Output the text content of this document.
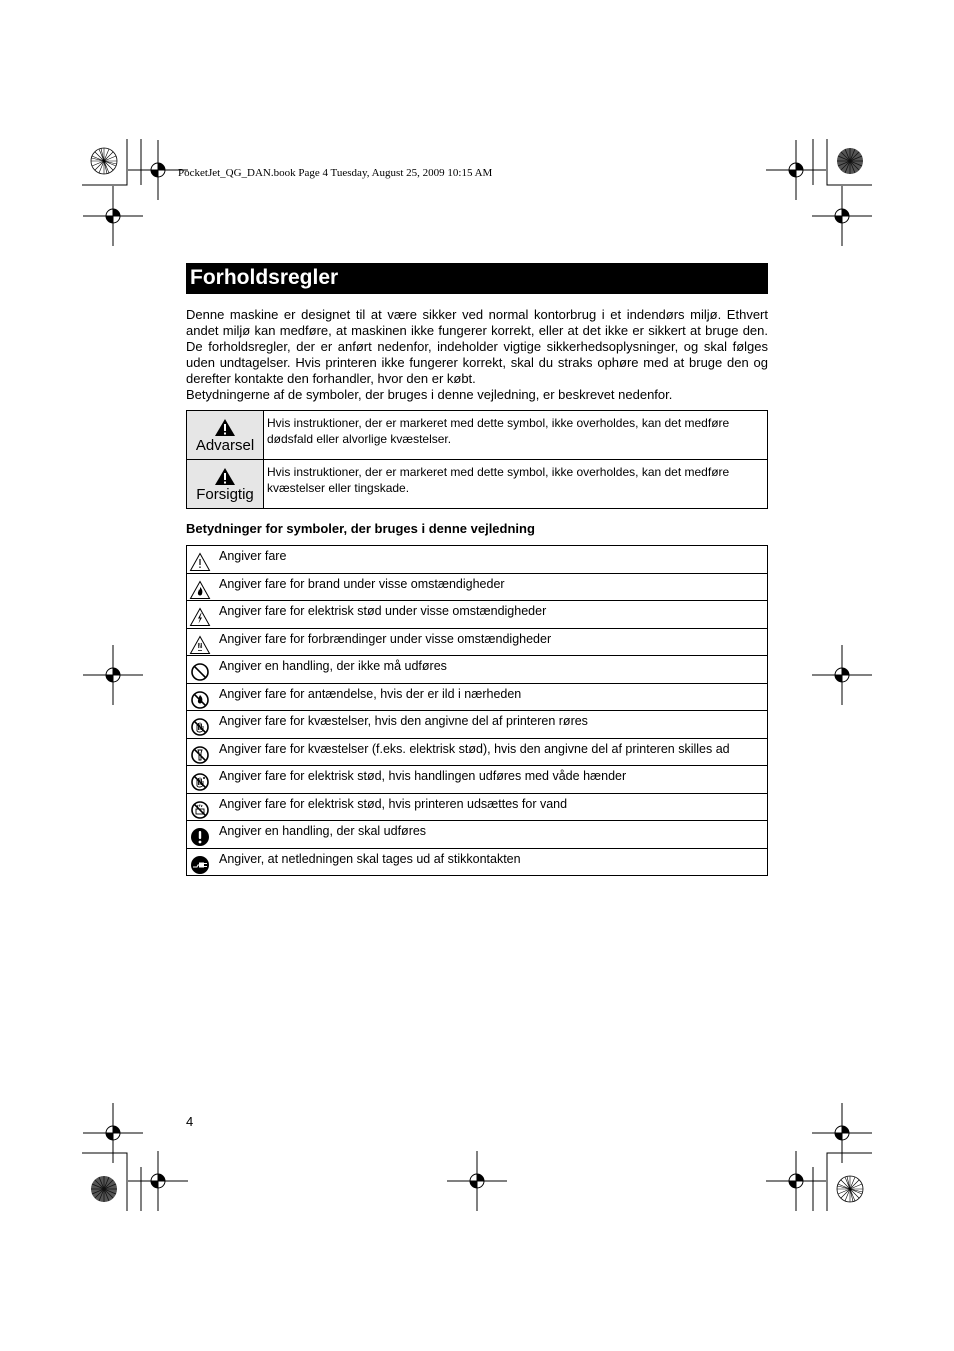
PocketJet_QG_DAN.book Page 4 Tuesday, August 25, 2009 10:15 AM
Forholdsregler

Denne maskine er designet til at være sikker ved normal kontorbrug i et indendørs miljø. Ethvert andet miljø kan medføre, at maskinen ikke fungerer korrekt, eller at det ikke er sikkert at bruge den. De forholdsregler, der er anført nedenfor, indeholder vigtige sikkerhedsoplysninger, og skal følges uden undtagelser. Hvis printeren ikke fungerer korrekt, skal du straks ophøre med at bruge den og derefter kontakte den forhandler, hvor den er købt.

Betydningerne af de symboler, der bruges i denne vejledning, er beskrevet nedenfor.

Advarsel	Hvis instruktioner, der er markeret med dette symbol, ikke overholdes, kan det medføre dødsfald eller alvorlige kvæstelser.

Forsigtig	Hvis instruktioner, der er markeret med dette symbol, ikke overholdes, kan det medføre kvæstelser eller tingskade.
Betydninger for symboler, der bruges i denne vejledning
Angiver fare

Angiver fare for brand under visse omstændigheder

Angiver fare for elektrisk stød under visse omstændigheder

Angiver fare for forbrændinger under visse omstændigheder

Angiver en handling, der ikke må udføres

Angiver fare for antændelse, hvis der er ild i nærheden

Angiver fare for kvæstelser, hvis den angivne del af printeren røres

Angiver fare for kvæstelser (f.eks. elektrisk stød), hvis den angivne del af printeren skilles ad

Angiver fare for elektrisk stød, hvis handlingen udføres med våde hænder

Angiver fare for elektrisk stød, hvis printeren udsættes for vand

Angiver en handling, der skal udføres

Angiver, at netledningen skal tages ud af stikkontakten
4
